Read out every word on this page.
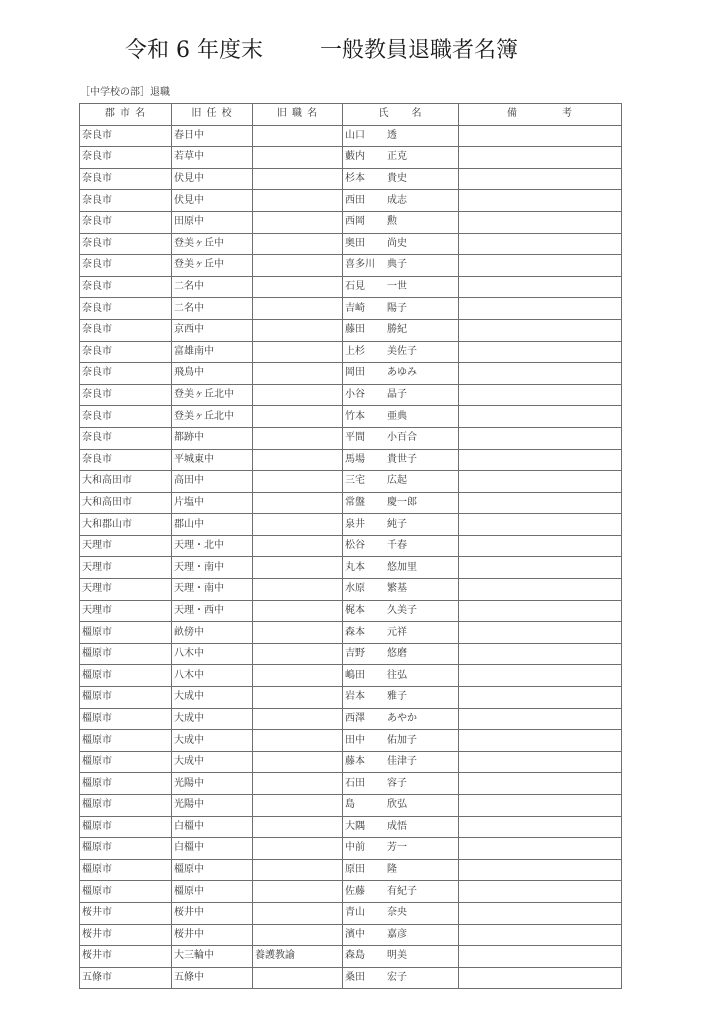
令和 6 年度末	一般教員退職者名簿
［中学校の部］退職
郡 市 名	旧 任 校	旧 職 名	氏　　名	備　　　　考
奈良市	春日中		山口　 透	
奈良市	若草中		藪内　 正克	
奈良市	伏見中		杉本　 貴史	
奈良市	伏見中		西田　 成志	
奈良市	田原中		西岡　 勲	
奈良市	登美ヶ丘中		奥田　 尚史	
奈良市	登美ヶ丘中		喜多川　 典子	
奈良市	二名中		石見　 一世	
奈良市	二名中		吉崎　 陽子	
奈良市	京西中		藤田　 勝紀	
奈良市	富雄南中		上杉　 美佐子	
奈良市	飛鳥中		岡田　 あゆみ	
奈良市	登美ヶ丘北中		小谷　 晶子	
奈良市	登美ヶ丘北中		竹本　 亜典	
奈良市	都跡中		平間　 小百合	
奈良市	平城東中		馬場　 貴世子	
大和高田市	高田中		三宅　 広起	
大和高田市	片塩中		常盤　 慶一郎	
大和郡山市	郡山中		泉井　 純子	
天理市	天理・北中		松谷　 千春	
天理市	天理・南中		丸本　 悠加里	
天理市	天理・南中		水原　 繁基	
天理市	天理・西中		梶本　 久美子	
橿原市	畝傍中		森本　 元祥	
橿原市	八木中		吉野　 悠磨	
橿原市	八木中		嶋田　 往弘	
橿原市	大成中		岩本　 雅子	
橿原市	大成中		西澤　 あやか	
橿原市	大成中		田中　 佑加子	
橿原市	大成中		藤本　 佳津子	
橿原市	光陽中		石田　 容子	
橿原市	光陽中		島　 欣弘	
橿原市	白橿中		大隅　 成悟	
橿原市	白橿中		中前　 芳一	
橿原市	橿原中		原田　 隆	
橿原市	橿原中		佐藤　 有紀子	
桜井市	桜井中		青山　 奈央	
桜井市	桜井中		濱中　 嘉彦	
桜井市	大三輪中	養護教諭	森島　 明美	
五條市	五條中		桑田　 宏子	
